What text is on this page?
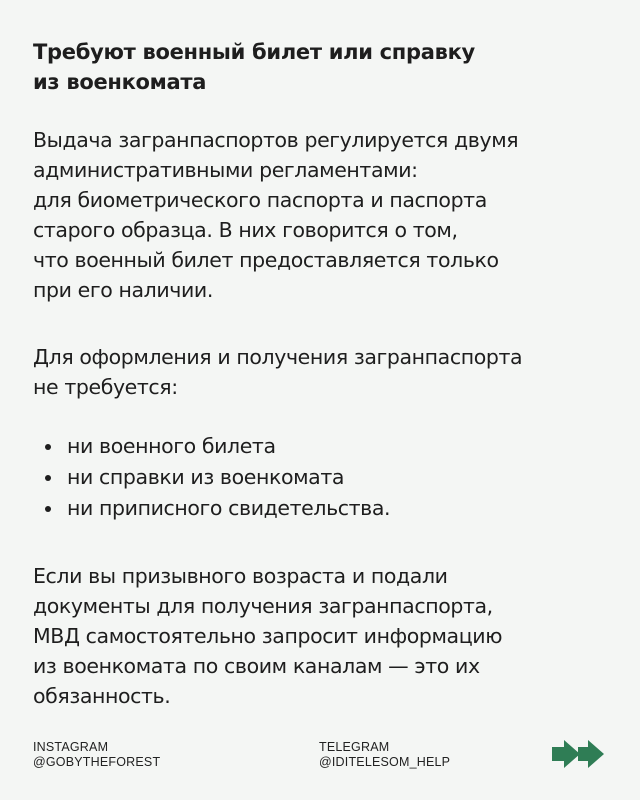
Требуют военный билет или справку
из военкомата

Выдача загранпаспортов регулируется двумя
административными регламентами:
для биометрического паспорта и паспорта
старого образца. В них говорится о том,
что военный билет предоставляется только
при его наличии.

Для оформления и получения загранпаспорта
не требуется:

ни военного билета
ни справки из военкомата
ни приписного свидетельства.

Если вы призывного возраста и подали
документы для получения загранпаспорта,
МВД самостоятельно запросит информацию
из военкомата по своим каналам — это их
обязанность.

INSTAGRAM
@GOBYTHEFOREST
TELEGRAM
@IDITELESOM_HELP
